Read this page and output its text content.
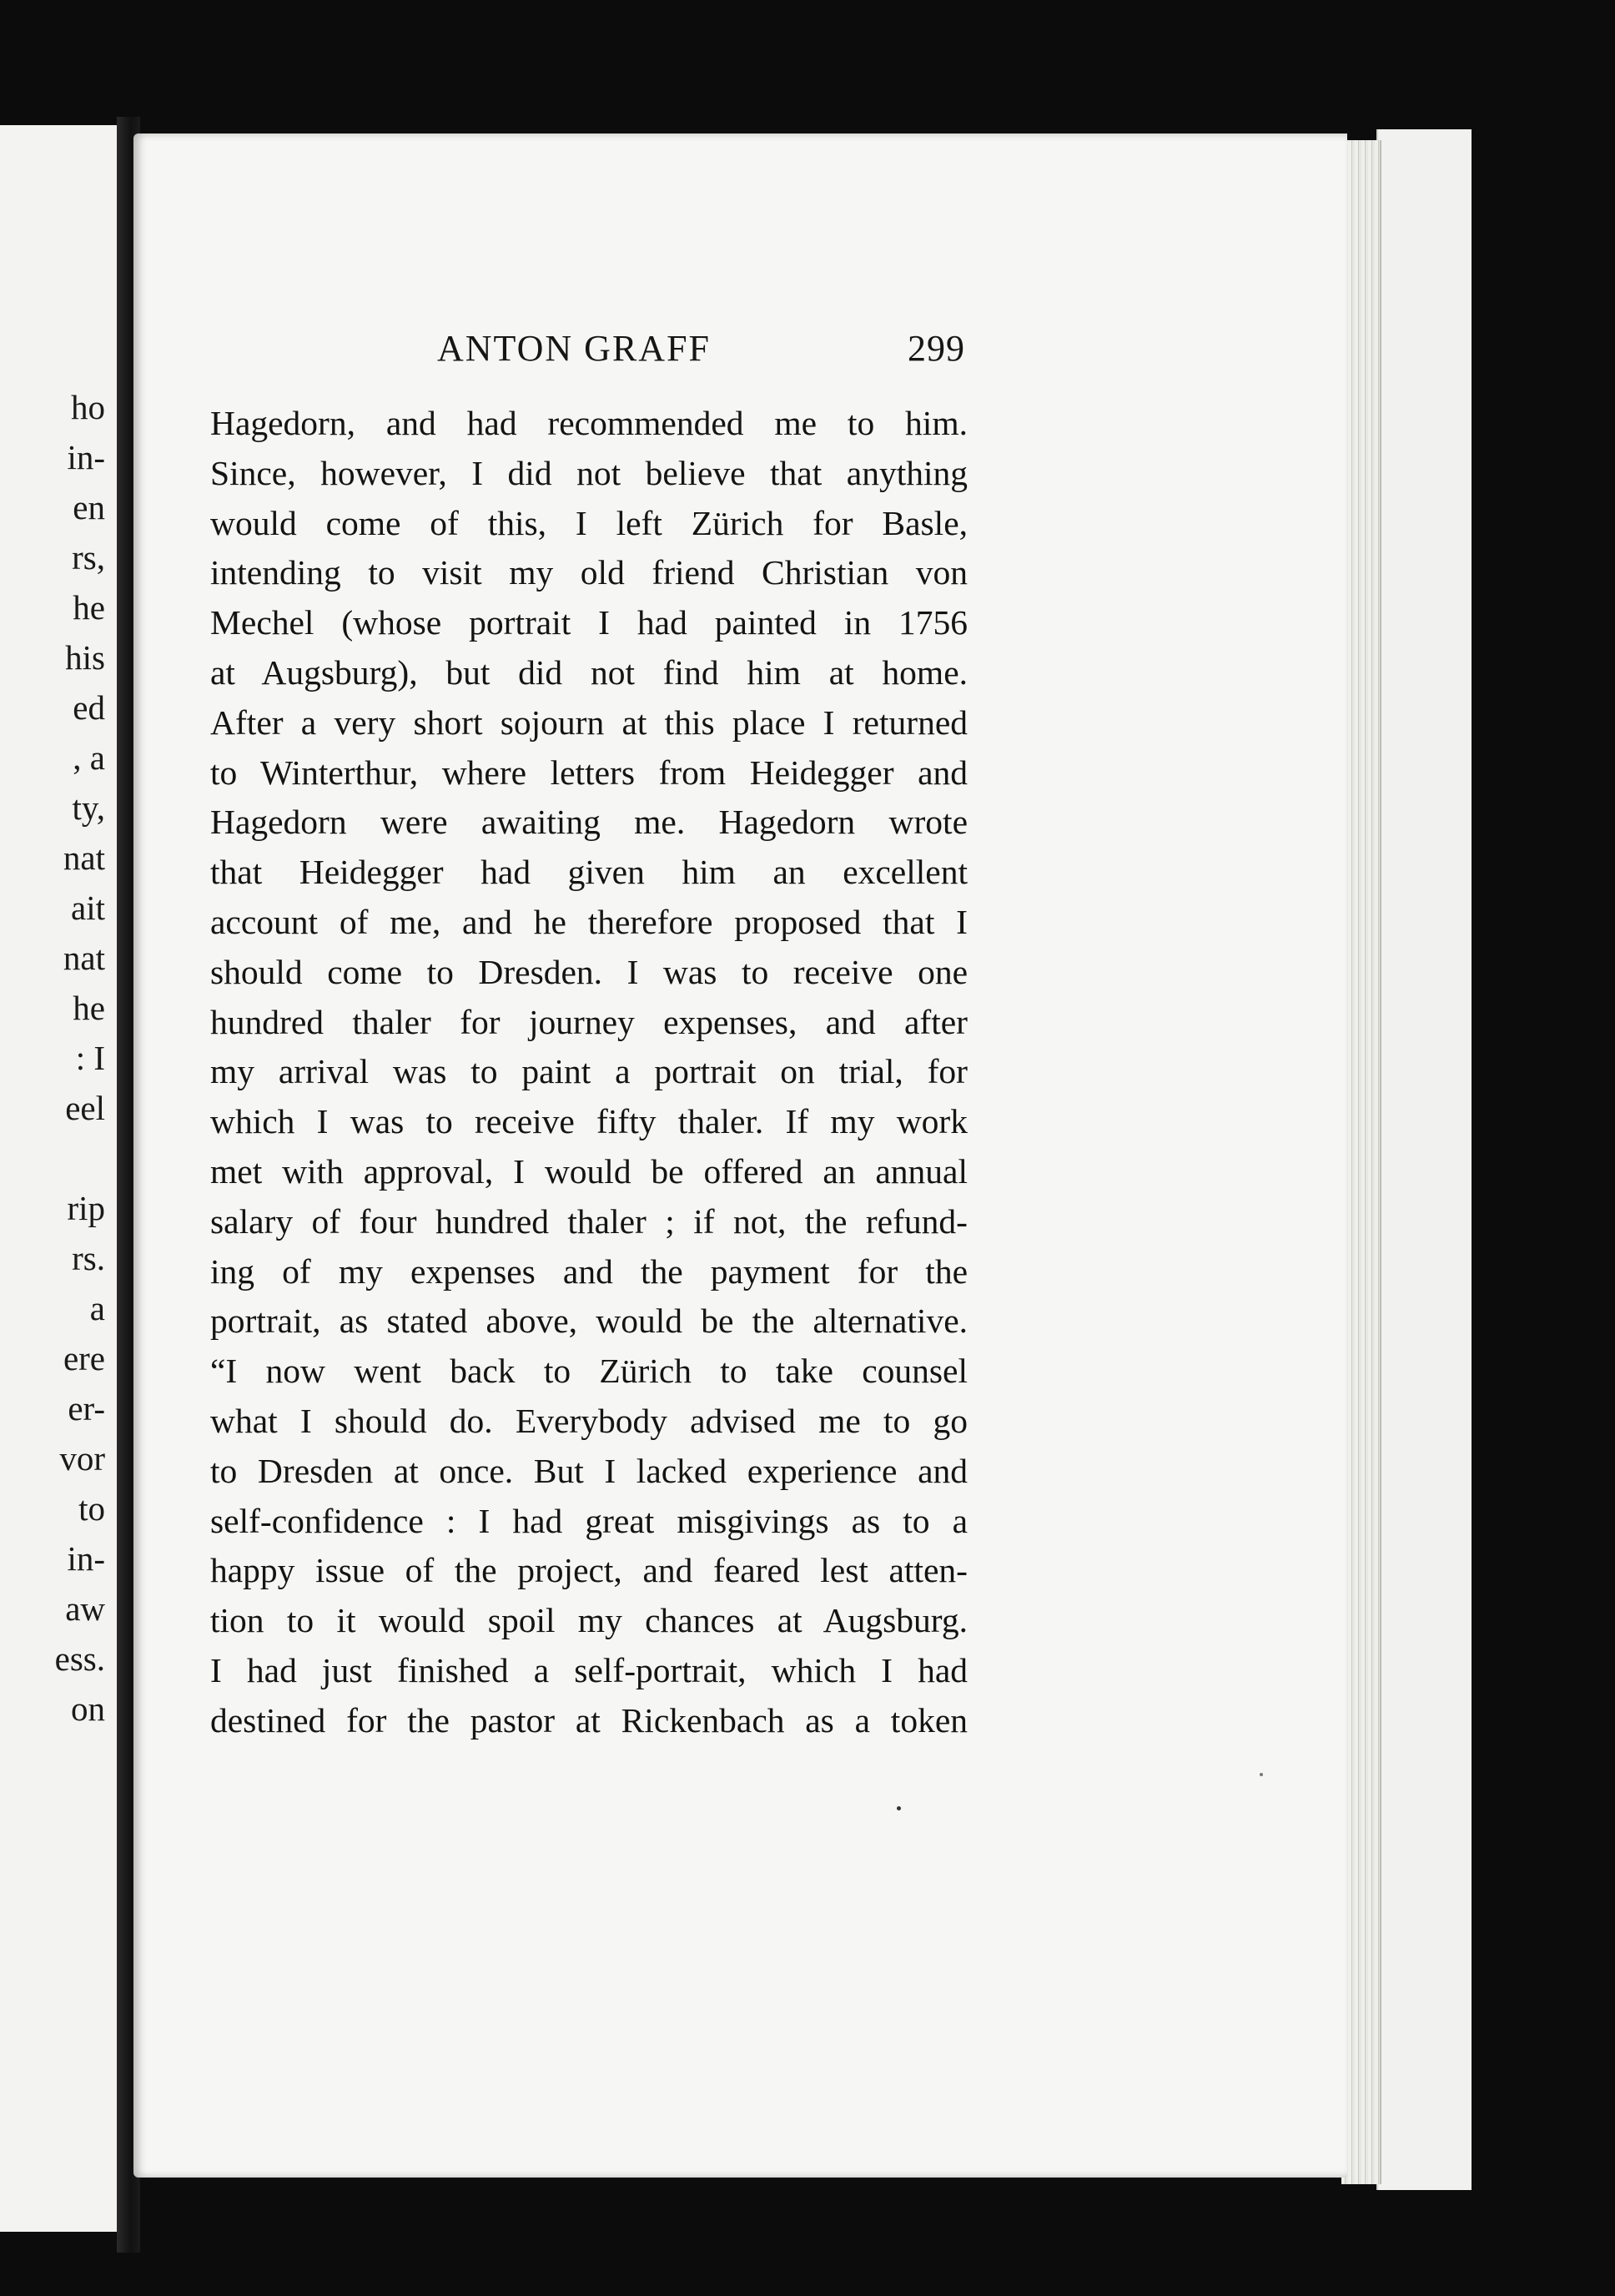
ho
in-
en
rs,
he
his
ed
, a
ty,
nat
ait
nat
he
: I
eel
rip
rs.
a
ere
er-
vor
to
in-
aw
ess.
on
ANTON GRAFF	299
Hagedorn, and had recommended me to him.
Since, however, I did not believe that anything
would come of this, I left Zürich for Basle,
intending to visit my old friend Christian von
Mechel (whose portrait I had painted in 1756
at Augsburg), but did not find him at home.
After a very short sojourn at this place I returned
to Winterthur, where letters from Heidegger and
Hagedorn were awaiting me. Hagedorn wrote
that Heidegger had given him an excellent
account of me, and he therefore proposed that I
should come to Dresden. I was to receive one
hundred thaler for journey expenses, and after
my arrival was to paint a portrait on trial, for
which I was to receive fifty thaler. If my work
met with approval, I would be offered an annual
salary of four hundred thaler ; if not, the refund-
ing of my expenses and the payment for the
portrait, as stated above, would be the alternative.
“I now went back to Zürich to take counsel
what I should do. Everybody advised me to go
to Dresden at once. But I lacked experience and
self-confidence : I had great misgivings as to a
happy issue of the project, and feared lest atten-
tion to it would spoil my chances at Augsburg.
I had just finished a self-portrait, which I had
destined for the pastor at Rickenbach as a token
